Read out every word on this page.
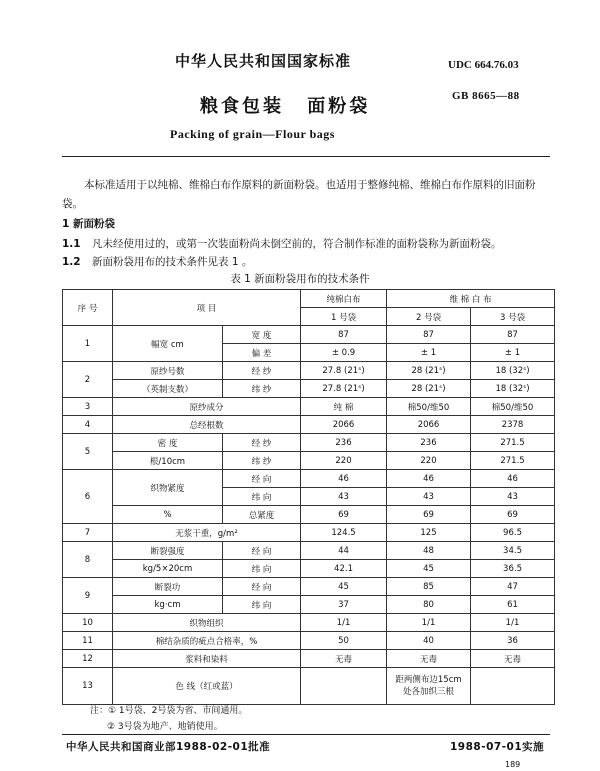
中华人民共和国国家标准	UDC 664.76.03
GB 8665—88
粮食包装 面粉袋
Packing of grain—Flour bags
本标准适用于以纯棉、维棉白布作原料的新面粉袋。也适用于整修纯棉、维棉白布作原料的旧面粉袋。
1 新面粉袋
1.1 凡未经使用过的，或第一次装面粉尚未倒空前的，符合制作标准的面粉袋称为新面粉袋。
1.2 新面粉袋用布的技术条件见表 1 。
表 1 新面粉袋用布的技术条件
序 号	项 目		纯棉白布	维 棉 白 布	
			1 号袋	2 号袋	3 号袋
1	幅宽 cm	宽 度	87	87	87
		偏 差	± 0.9	± 1	± 1
2	原纱号数	经 纱	27.8 (21ˢ)	28 (21ˢ)	18 (32ˢ)
	（英制支数）	纬 纱	27.8 (21ˢ)	28 (21ˢ)	18 (32ˢ)
3	原纱成分		纯 棉	棉50/维50	棉50/维50
4	总经根数		2066	2066	2378
5	密 度	经 纱	236	236	271.5
	根/10cm	纬 纱	220	220	271.5
6	织物紧度	经 向	46	46	46
		纬 向	43	43	43
	%	总紧度	69	69	69
7	无浆干重，g/m²		124.5	125	96.5
8	断裂强度	经 向	44	48	34.5
	kg/5×20cm	纬 向	42.1	45	36.5
9	断裂功	经 向	45	85	47
	kg·cm	纬 向	37	80	61
10	织物组织		1/1	1/1	1/1
11	棉结杂质的疵点合格率，%		50	40	36
12	浆料和染料		无毒	无毒	无毒
13	色 线（红或蓝）			距两侧布边15cm
处各加织三根	

注：① 1号袋、2号袋为省、市间通用。
② 3号袋为地产、地销使用。
中华人民共和国商业部1988-02-01批准	1988-07-01实施
189
